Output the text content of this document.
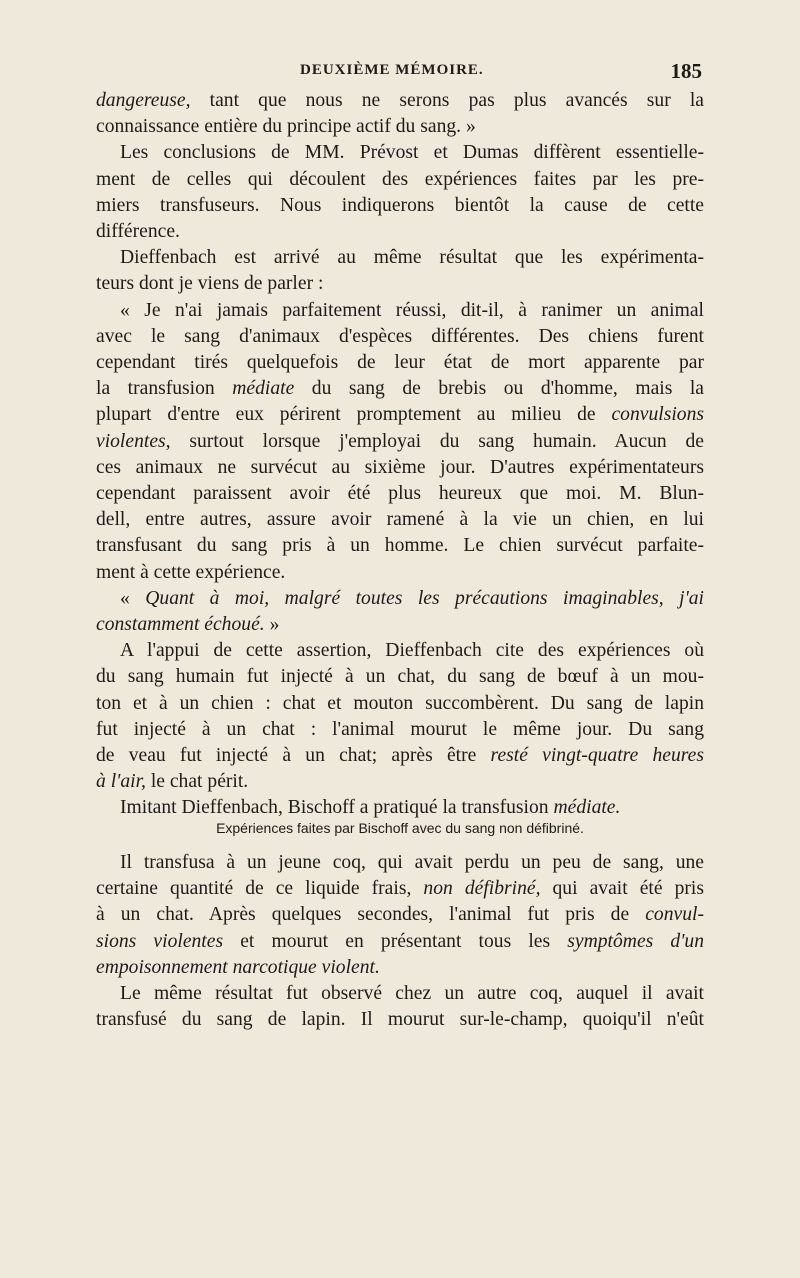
DEUXIÈME MÉMOIRE.	185
dangereuse, tant que nous ne serons pas plus avancés sur la
connaissance entière du principe actif du sang. »
Les conclusions de MM. Prévost et Dumas diffèrent essentielle-
ment de celles qui découlent des expériences faites par les pre-
miers transfuseurs. Nous indiquerons bientôt la cause de cette
différence.
Dieffenbach est arrivé au même résultat que les expérimenta-
teurs dont je viens de parler :
« Je n'ai jamais parfaitement réussi, dit-il, à ranimer un animal
avec le sang d'animaux d'espèces différentes. Des chiens furent
cependant tirés quelquefois de leur état de mort apparente par
la transfusion médiate du sang de brebis ou d'homme, mais la
plupart d'entre eux périrent promptement au milieu de convulsions
violentes, surtout lorsque j'employai du sang humain. Aucun de
ces animaux ne survécut au sixième jour. D'autres expérimentateurs
cependant paraissent avoir été plus heureux que moi. M. Blun-
dell, entre autres, assure avoir ramené à la vie un chien, en lui
transfusant du sang pris à un homme. Le chien survécut parfaite-
ment à cette expérience.
« Quant à moi, malgré toutes les précautions imaginables, j'ai
constamment échoué. »
A l'appui de cette assertion, Dieffenbach cite des expériences où
du sang humain fut injecté à un chat, du sang de bœuf à un mou-
ton et à un chien : chat et mouton succombèrent. Du sang de lapin
fut injecté à un chat : l'animal mourut le même jour. Du sang
de veau fut injecté à un chat; après être resté vingt-quatre heures
à l'air, le chat périt.
Imitant Dieffenbach, Bischoff a pratiqué la transfusion médiate.
Expériences faites par Bischoff avec du sang non défibriné.
Il transfusa à un jeune coq, qui avait perdu un peu de sang, une
certaine quantité de ce liquide frais, non défibriné, qui avait été pris
à un chat. Après quelques secondes, l'animal fut pris de convul-
sions violentes et mourut en présentant tous les symptômes d'un
empoisonnement narcotique violent.
Le même résultat fut observé chez un autre coq, auquel il avait
transfusé du sang de lapin. Il mourut sur-le-champ, quoiqu'il n'eût
